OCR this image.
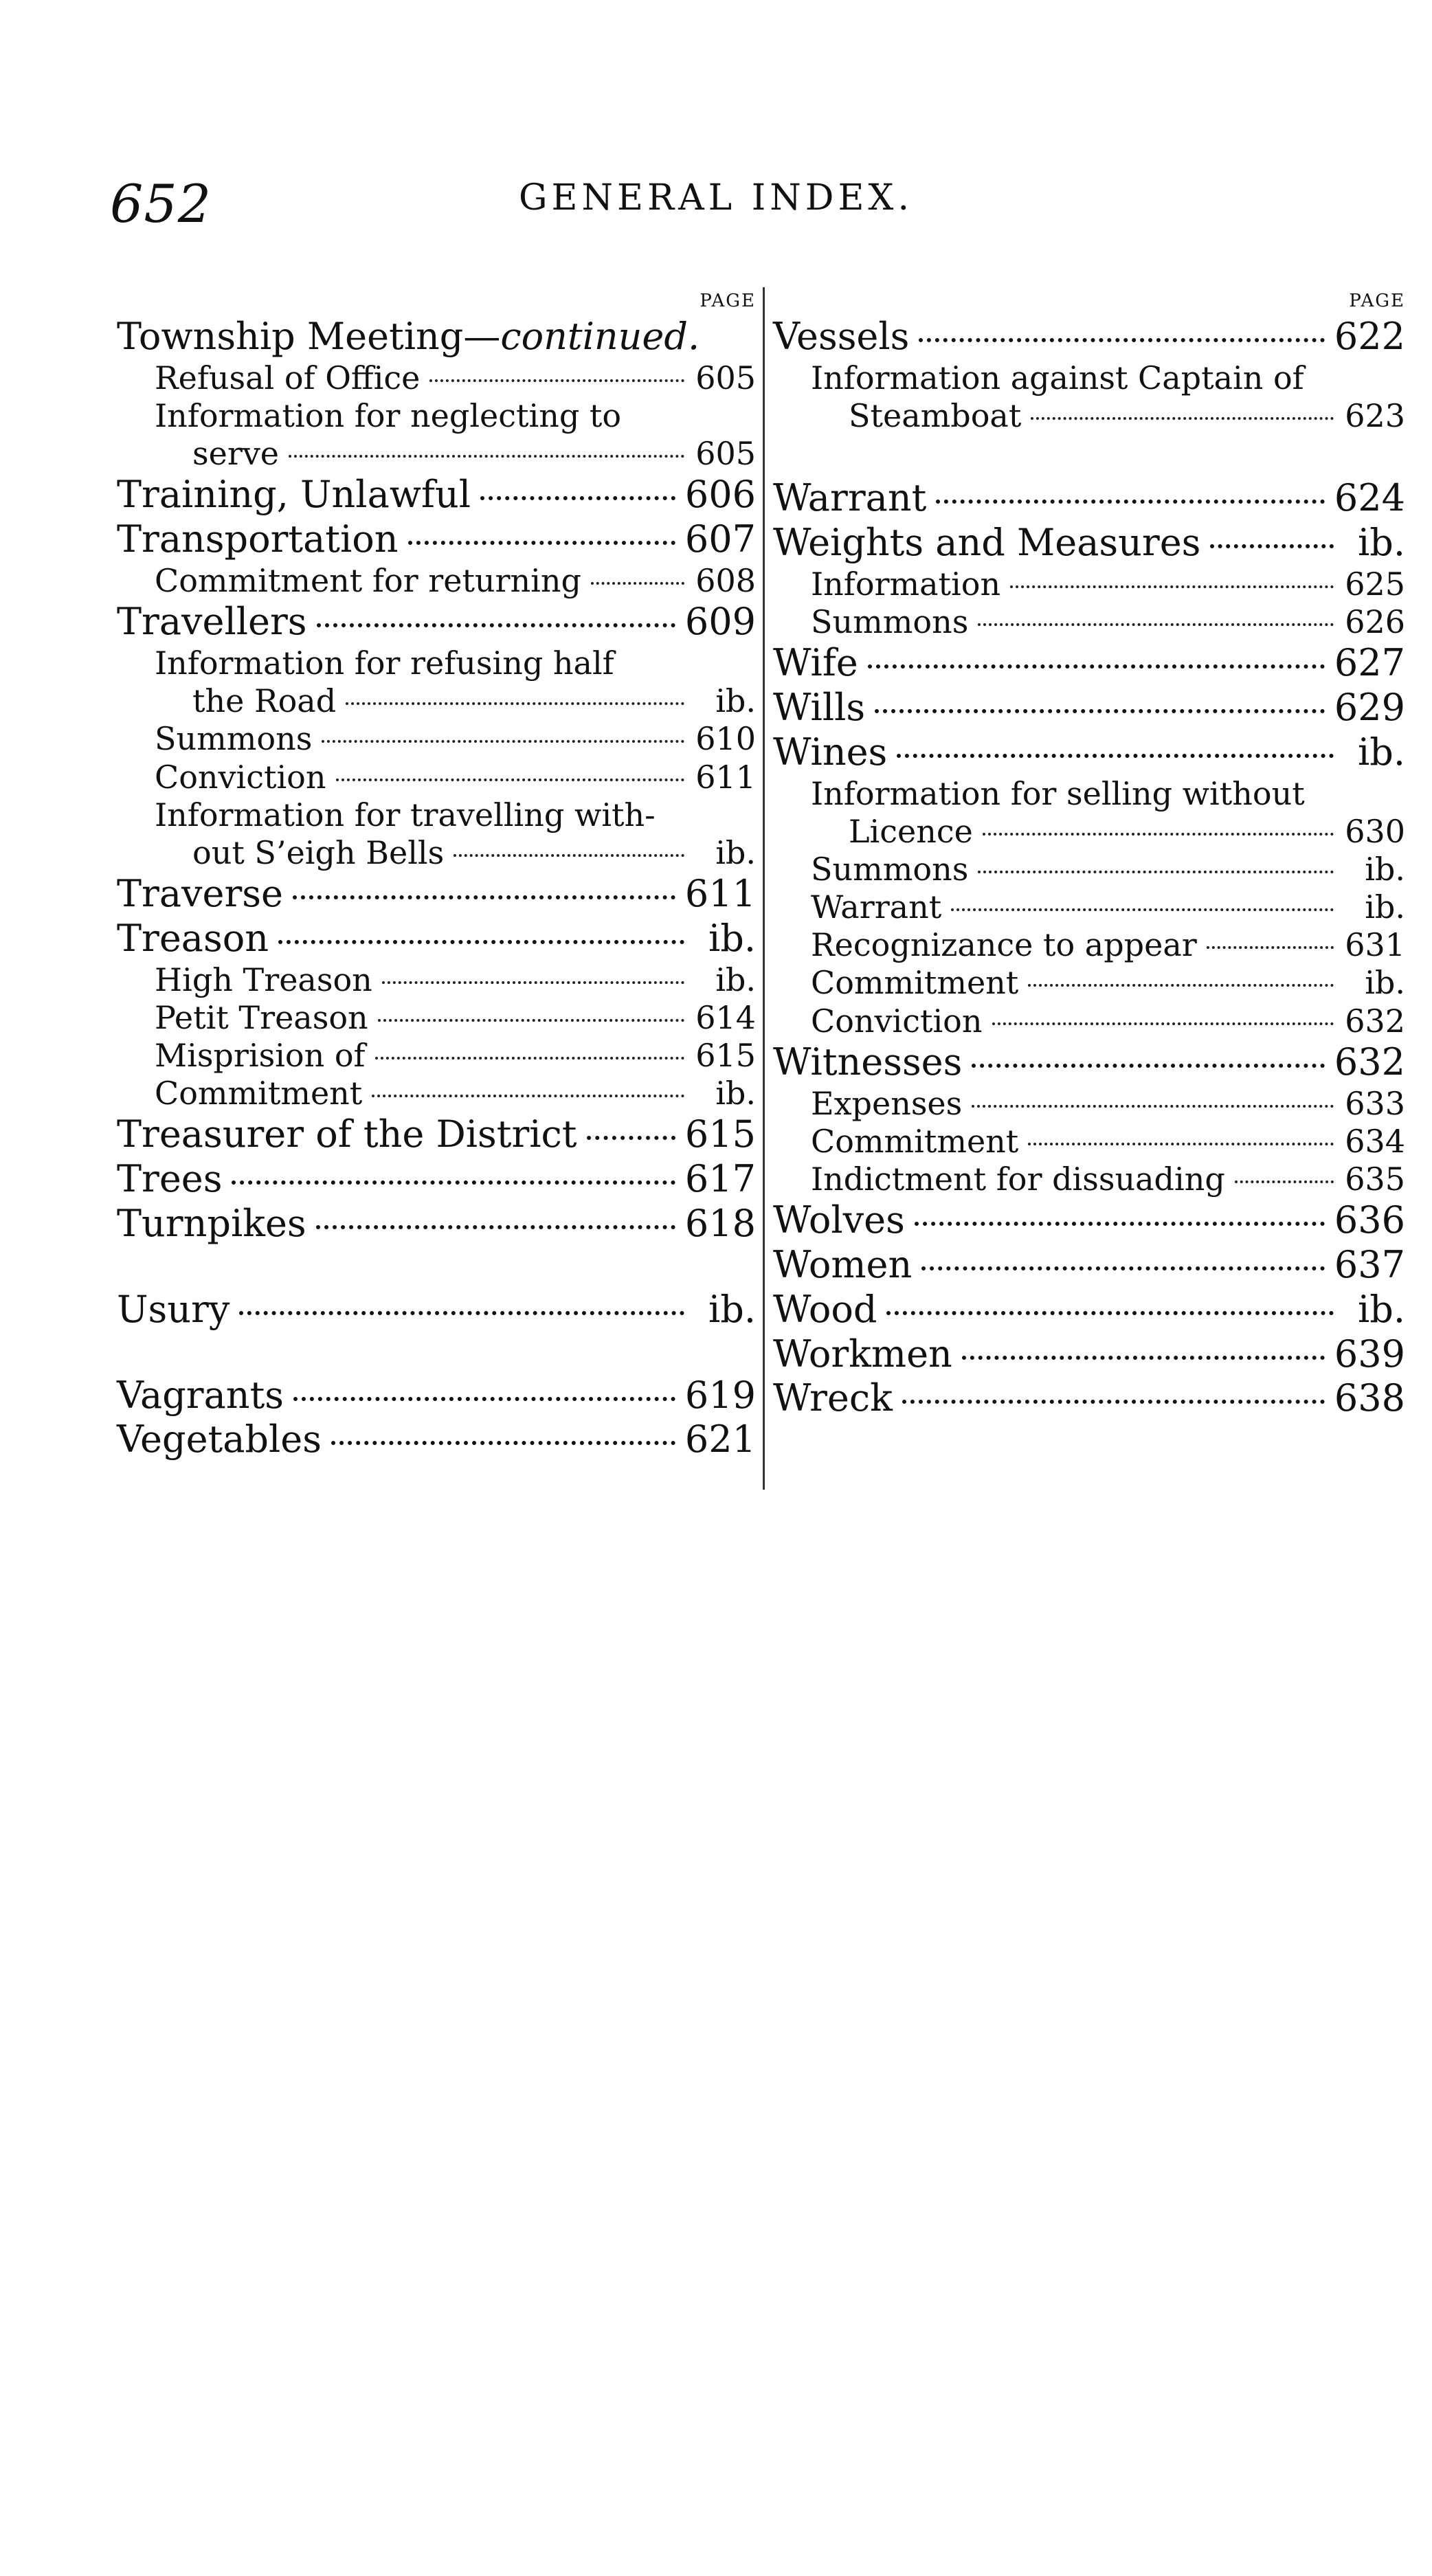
652	GENERAL INDEX.
PAGE
Township Meeting— continued.
Refusal of Office	605
Information for neglecting to
serve	605
Training, Unlawful	606
Transportation	607
Commitment for returning	608
Travellers	609
Information for refusing half
the Road	ib.
Summons	610
Conviction	611
Information for travelling with-
out S’eigh Bells	ib.
Traverse	611
Treason	ib.
High Treason	ib.
Petit Treason	614
Misprision of	615
Commitment	ib.
Treasurer of the District	615
Trees	617
Turnpikes	618
Usury	ib.
Vagrants	619
Vegetables	621
PAGE
Vessels	622
Information against Captain of
Steamboat	623
Warrant	624
Weights and Measures	ib.
Information	625
Summons	626
Wife	627
Wills	629
Wines	ib.
Information for selling without
Licence	630
Summons	ib.
Warrant	ib.
Recognizance to appear	631
Commitment	ib.
Conviction	632
Witnesses	632
Expenses	633
Commitment	634
Indictment for dissuading	635
Wolves	636
Women	637
Wood	ib.
Workmen	639
Wreck	638
